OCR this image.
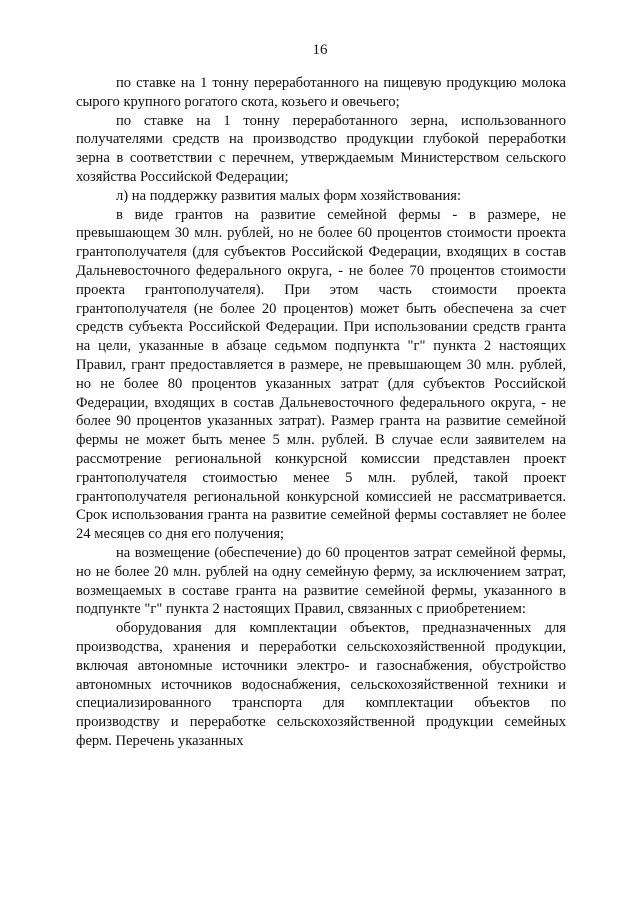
16

по ставке на 1 тонну переработанного на пищевую продукцию молока сырого крупного рогатого скота, козьего и овечьего;

по ставке на 1 тонну переработанного зерна, использованного получателями средств на производство продукции глубокой переработки зерна в соответствии с перечнем, утверждаемым Министерством сельского хозяйства Российской Федерации;

л) на поддержку развития малых форм хозяйствования:

в виде грантов на развитие семейной фермы - в размере, не превышающем 30 млн. рублей, но не более 60 процентов стоимости проекта грантополучателя (для субъектов Российской Федерации, входящих в состав Дальневосточного федерального округа, - не более 70 процентов стоимости проекта грантополучателя). При этом часть стоимости проекта грантополучателя (не более 20 процентов) может быть обеспечена за счет средств субъекта Российской Федерации. При использовании средств гранта на цели, указанные в абзаце седьмом подпункта "г" пункта 2 настоящих Правил, грант предоставляется в размере, не превышающем 30 млн. рублей, но не более 80 процентов указанных затрат (для субъектов Российской Федерации, входящих в состав Дальневосточного федерального округа, - не более 90 процентов указанных затрат). Размер гранта на развитие семейной фермы не может быть менее 5 млн. рублей. В случае если заявителем на рассмотрение региональной конкурсной комиссии представлен проект грантополучателя стоимостью менее 5 млн. рублей, такой проект грантополучателя региональной конкурсной комиссией не рассматривается. Срок использования гранта на развитие семейной фермы составляет не более 24 месяцев со дня его получения;

на возмещение (обеспечение) до 60 процентов затрат семейной фермы, но не более 20 млн. рублей на одну семейную ферму, за исключением затрат, возмещаемых в составе гранта на развитие семейной фермы, указанного в подпункте "г" пункта 2 настоящих Правил, связанных с приобретением:

оборудования для комплектации объектов, предназначенных для производства, хранения и переработки сельскохозяйственной продукции, включая автономные источники электро- и газоснабжения, обустройство автономных источников водоснабжения, сельскохозяйственной техники и специализированного транспорта для комплектации объектов по производству и переработке сельскохозяйственной продукции семейных ферм. Перечень указанных
